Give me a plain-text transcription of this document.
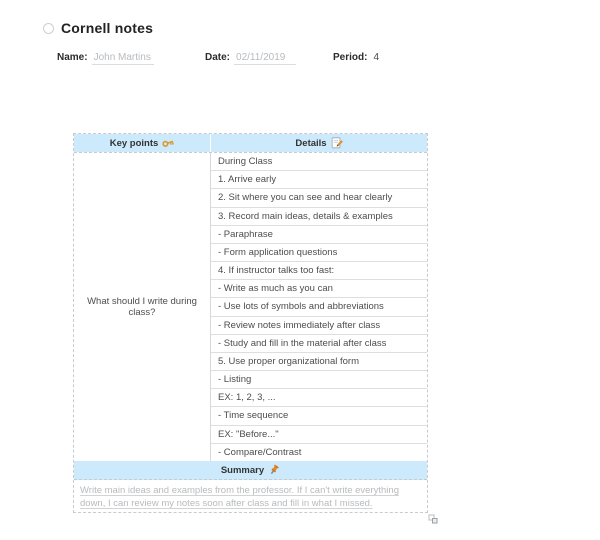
Cornell notes
Name: John Martins	Date: 02/11/2019	Period: 4
Key points	Details
What should I write during class?
During Class
1. Arrive early
2. Sit where you can see and hear clearly
3. Record main ideas, details & examples
- Paraphrase
- Form application questions
4. If instructor talks too fast:
- Write as much as you can
- Use lots of symbols and abbreviations
- Review notes immediately after class
- Study and fill in the material after class
5. Use proper organizational form
- Listing
EX: 1, 2, 3, ...
- Time sequence
EX: "Before..."
- Compare/Contrast
Summary
Write main ideas and examples from the professor. If I can't write everything down, I can review my notes soon after class and fill in what I missed.
